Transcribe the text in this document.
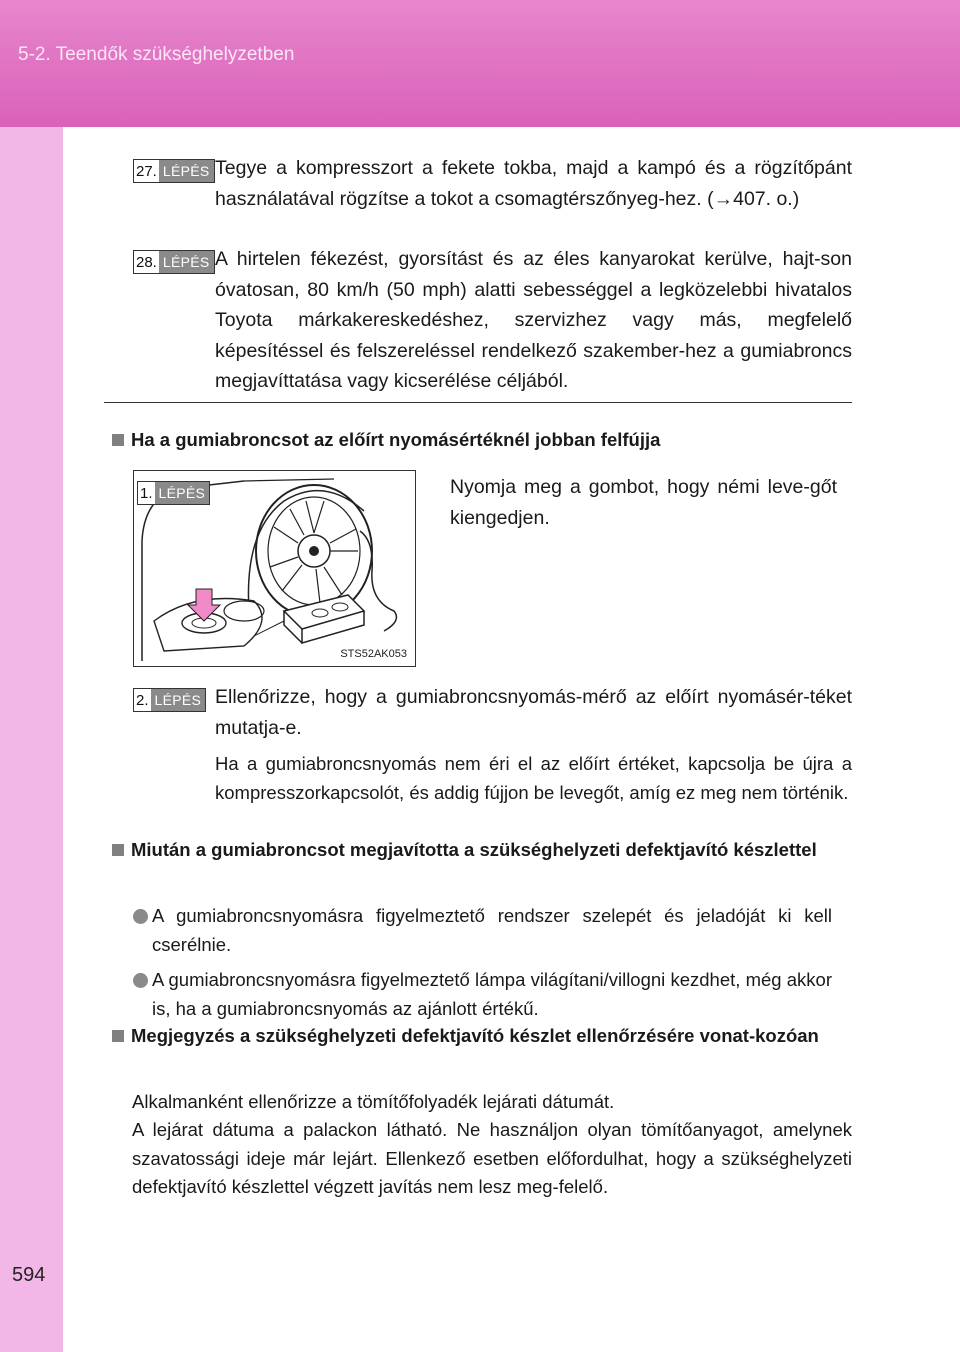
5-2. Teendők szükséghelyzetben
594
27. LÉPÉS Tegye a kompresszort a fekete tokba, majd a kampó és a rögzítőpánt használatával rögzítse a tokot a csomagtérszőnyeg-hez. (→407. o.)
28. LÉPÉS A hirtelen fékezést, gyorsítást és az éles kanyarokat kerülve, hajt-son óvatosan, 80 km/h (50 mph) alatti sebességgel a legközelebbi hivatalos Toyota márkakereskedéshez, szervizhez vagy más, megfelelő képesítéssel és felszereléssel rendelkező szakember-hez a gumiabroncs megjavíttatása vagy kicserélése céljából.
Ha a gumiabroncsot az előírt nyomásértéknél jobban felfújja
1. LÉPÉS
STS52AK053
Nyomja meg a gombot, hogy némi leve-gőt kiengedjen.
2. LÉPÉS Ellenőrizze, hogy a gumiabroncsnyomás-mérő az előírt nyomásér-téket mutatja-e.
Ha a gumiabroncsnyomás nem éri el az előírt értéket, kapcsolja be újra a kompresszorkapcsolót, és addig fújjon be levegőt, amíg ez meg nem történik.
Miután a gumiabroncsot megjavította a szükséghelyzeti defektjavító készlettel
A gumiabroncsnyomásra figyelmeztető rendszer szelepét és jeladóját ki kell cserélnie.
A gumiabroncsnyomásra figyelmeztető lámpa világítani/villogni kezdhet, még akkor is, ha a gumiabroncsnyomás az ajánlott értékű.
Megjegyzés a szükséghelyzeti defektjavító készlet ellenőrzésére vonat-kozóan
Alkalmanként ellenőrizze a tömítőfolyadék lejárati dátumát.
A lejárat dátuma a palackon látható. Ne használjon olyan tömítőanyagot, amelynek szavatossági ideje már lejárt. Ellenkező esetben előfordulhat, hogy a szükséghelyzeti defektjavító készlettel végzett javítás nem lesz meg-felelő.
